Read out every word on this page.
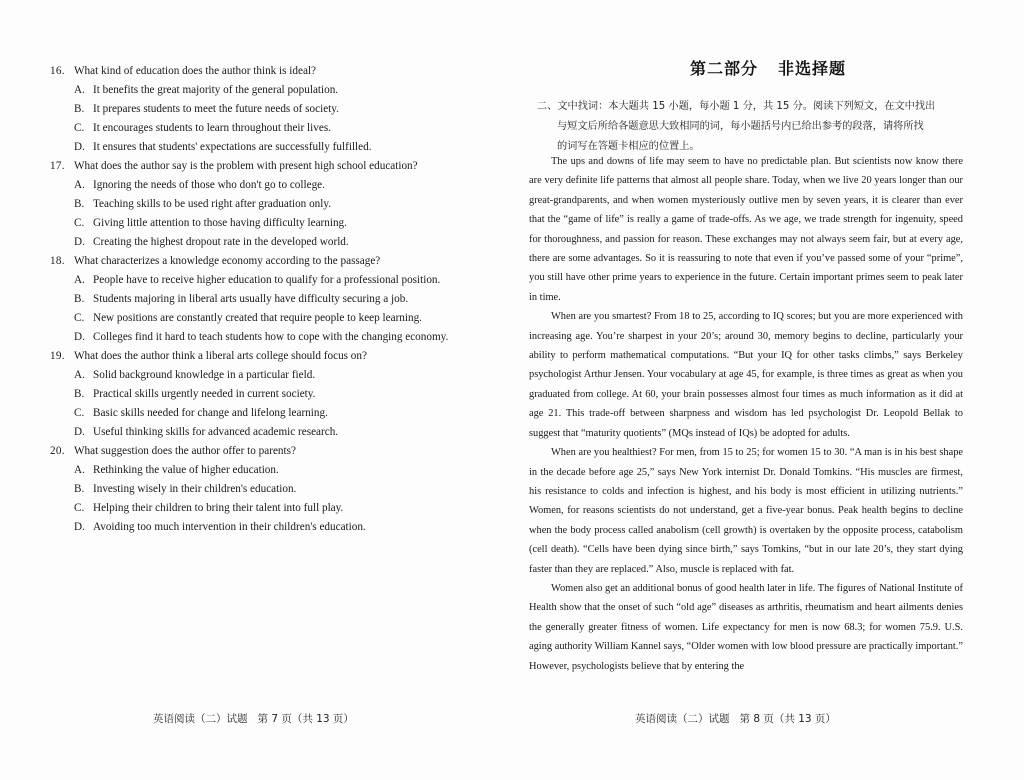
16. What kind of education does the author think is ideal?
A. It benefits the great majority of the general population.
B. It prepares students to meet the future needs of society.
C. It encourages students to learn throughout their lives.
D. It ensures that students' expectations are successfully fulfilled.
17. What does the author say is the problem with present high school education?
A. Ignoring the needs of those who don't go to college.
B. Teaching skills to be used right after graduation only.
C. Giving little attention to those having difficulty learning.
D. Creating the highest dropout rate in the developed world.
18. What characterizes a knowledge economy according to the passage?
A. People have to receive higher education to qualify for a professional position.
B. Students majoring in liberal arts usually have difficulty securing a job.
C. New positions are constantly created that require people to keep learning.
D. Colleges find it hard to teach students how to cope with the changing economy.
19. What does the author think a liberal arts college should focus on?
A. Solid background knowledge in a particular field.
B. Practical skills urgently needed in current society.
C. Basic skills needed for change and lifelong learning.
D. Useful thinking skills for advanced academic research.
20. What suggestion does the author offer to parents?
A. Rethinking the value of higher education.
B. Investing wisely in their children's education.
C. Helping their children to bring their talent into full play.
D. Avoiding too much intervention in their children's education.
英语阅读（二）试题 第 7 页（共 13 页）
第二部分 非选择题
二、文中找词：本大题共 15 小题，每小题 1 分，共 15 分。阅读下列短文，在文中找出
与短文后所给各题意思大致相同的词，每小题括号内已给出参考的段落，请将所找
的词写在答题卡相应的位置上。

The ups and downs of life may seem to have no predictable plan. But scientists now know there are very definite life patterns that almost all people share. Today, when we live 20 years longer than our great-grandparents, and when women mysteriously outlive men by seven years, it is clearer than ever that the “game of life” is really a game of trade-offs. As we age, we trade strength for ingenuity, speed for thoroughness, and passion for reason. These exchanges may not always seem fair, but at every age, there are some advantages. So it is reassuring to note that even if you’ve passed some of your “prime”, you still have other prime years to experience in the future. Certain important primes seem to peak later in time.

When are you smartest? From 18 to 25, according to IQ scores; but you are more experienced with increasing age. You’re sharpest in your 20’s; around 30, memory begins to decline, particularly your ability to perform mathematical computations. “But your IQ for other tasks climbs,” says Berkeley psychologist Arthur Jensen. Your vocabulary at age 45, for example, is three times as great as when you graduated from college. At 60, your brain possesses almost four times as much information as it did at age 21. This trade-off between sharpness and wisdom has led psychologist Dr. Leopold Bellak to suggest that “maturity quotients” (MQs instead of IQs) be adopted for adults.

When are you healthiest? For men, from 15 to 25; for women 15 to 30. “A man is in his best shape in the decade before age 25,” says New York internist Dr. Donald Tomkins. “His muscles are firmest, his resistance to colds and infection is highest, and his body is most efficient in utilizing nutrients.” Women, for reasons scientists do not understand, get a five-year bonus. Peak health begins to decline when the body process called anabolism (cell growth) is overtaken by the opposite process, catabolism (cell death). “Cells have been dying since birth,” says Tomkins, “but in our late 20’s, they start dying faster than they are replaced.” Also, muscle is replaced with fat.

Women also get an additional bonus of good health later in life. The figures of National Institute of Health show that the onset of such “old age” diseases as arthritis, rheumatism and heart ailments denies the generally greater fitness of women. Life expectancy for men is now 68.3; for women 75.9. U.S. aging authority William Kannel says, “Older women with low blood pressure are practically important.” However, psychologists believe that by entering the

英语阅读（二）试题 第 8 页（共 13 页）
